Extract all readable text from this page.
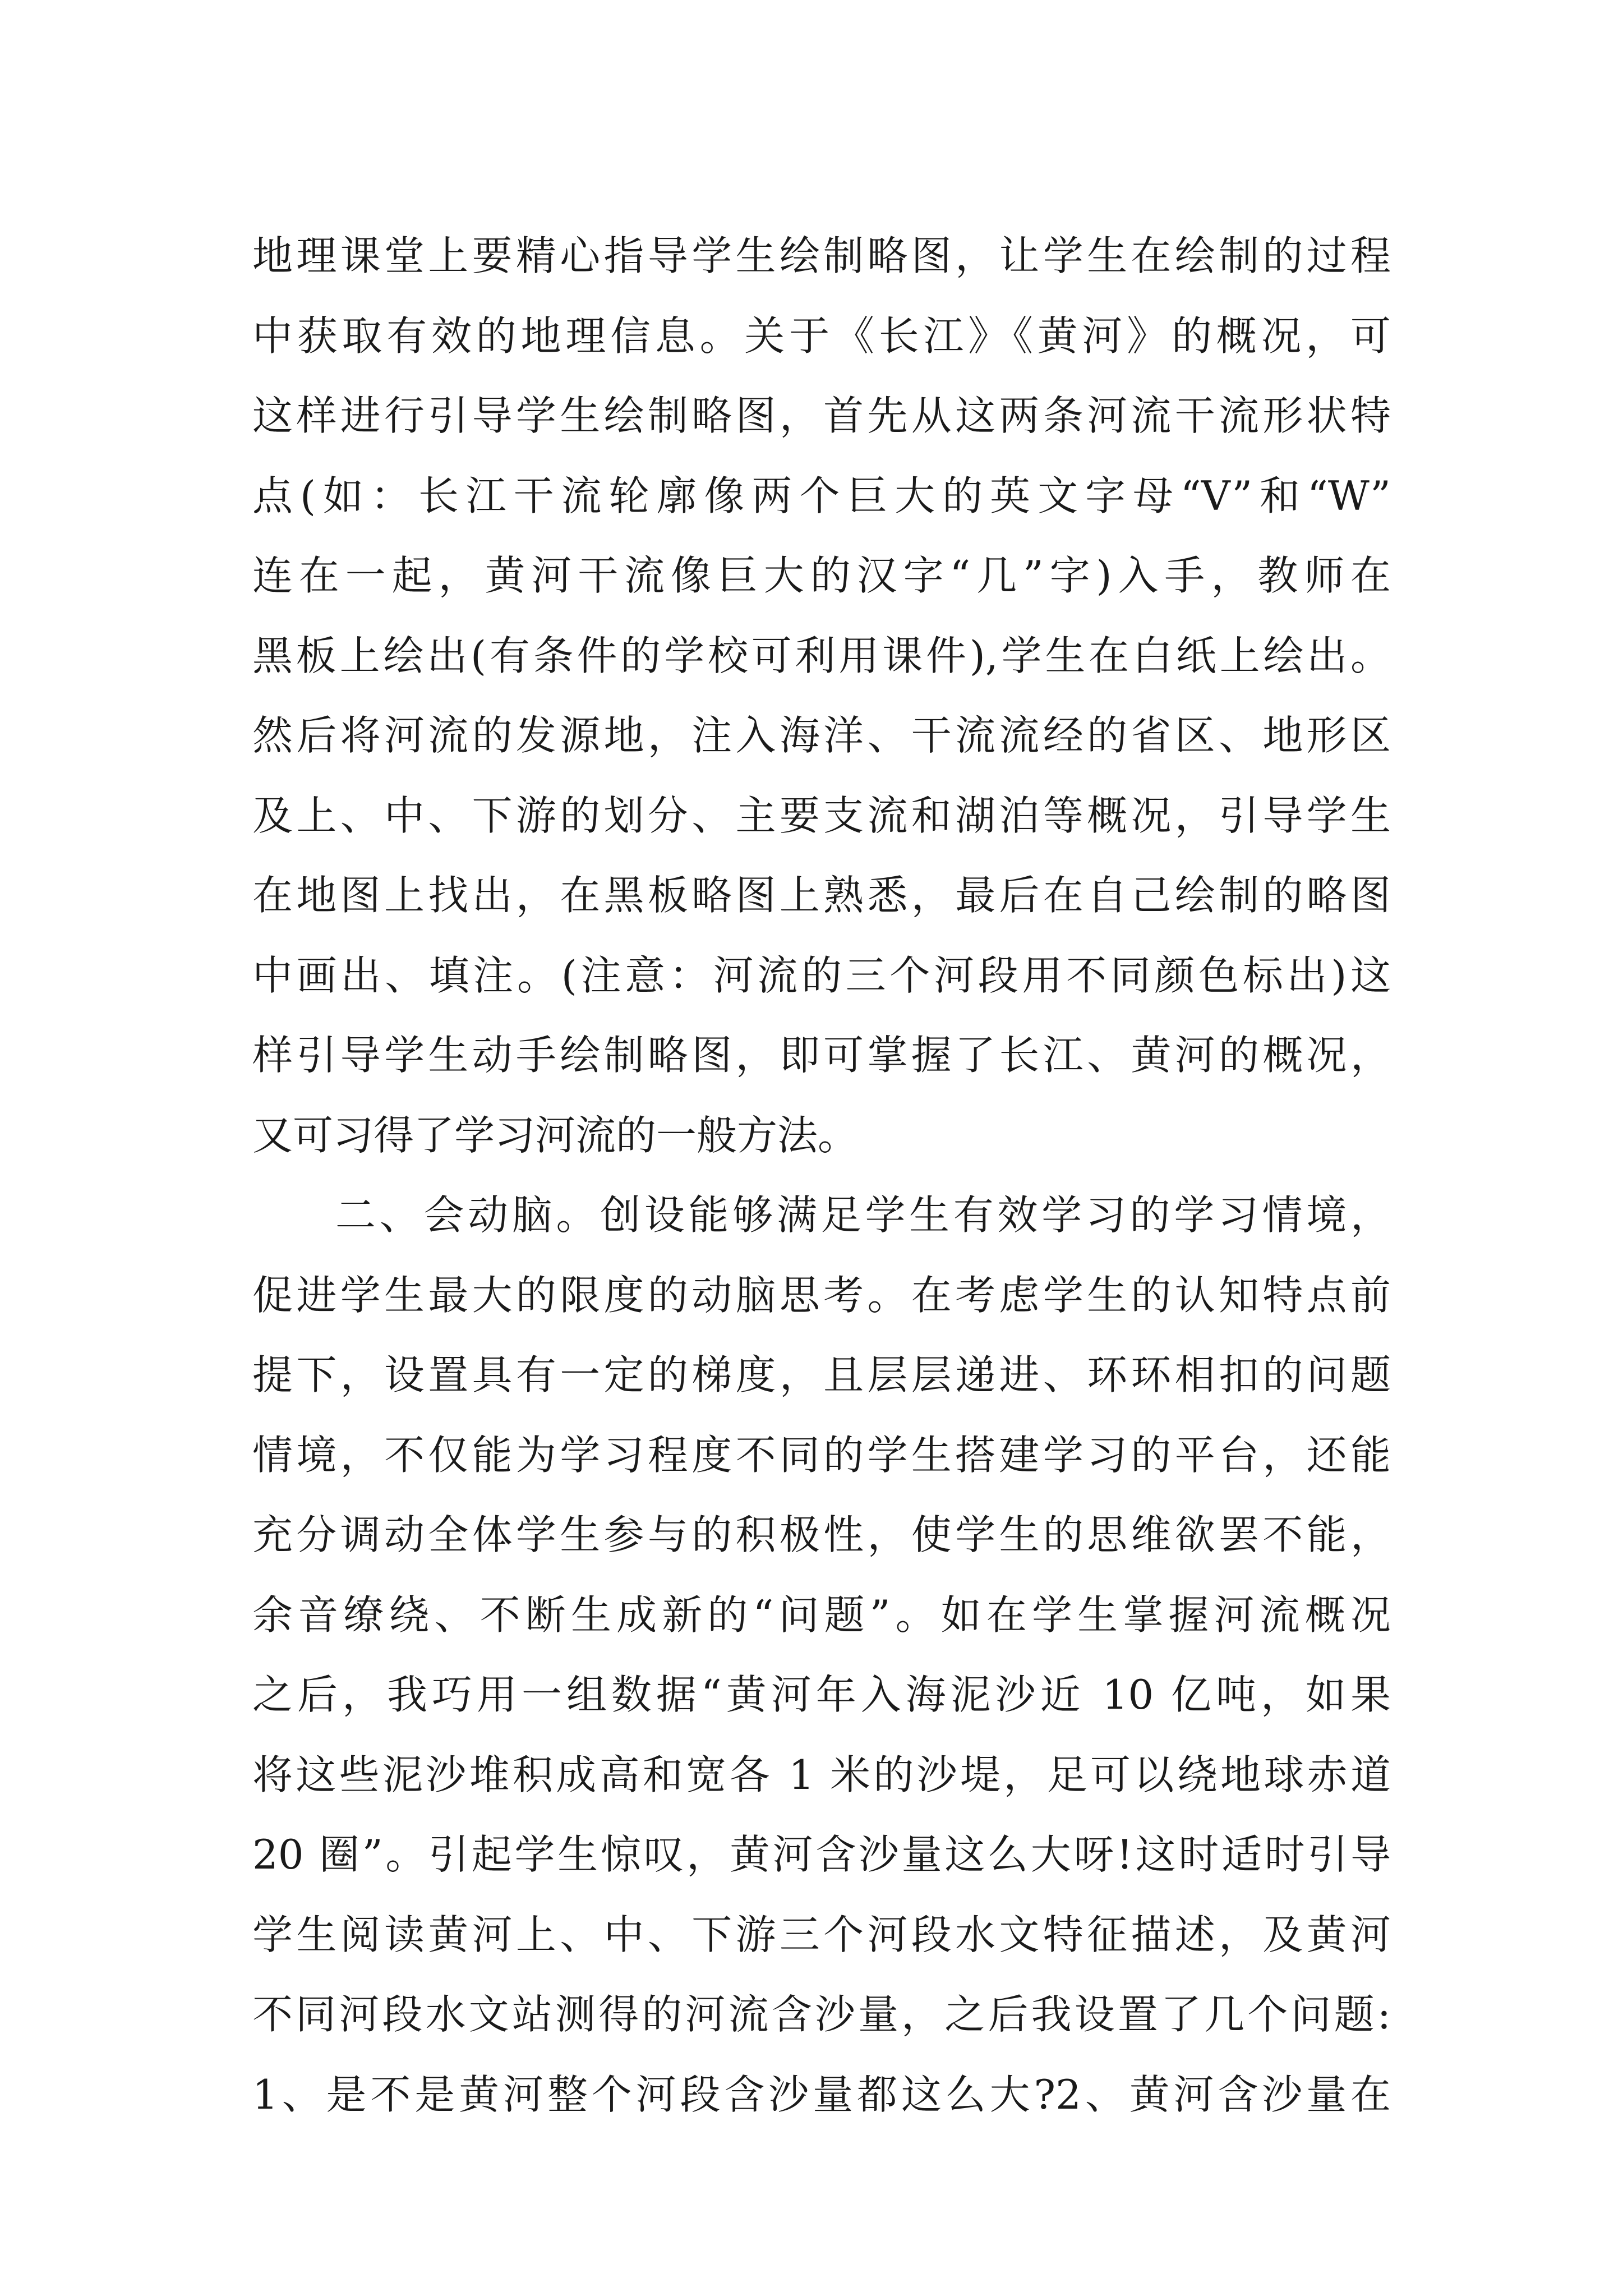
地理课堂上要精心指导学生绘制略图，让学生在绘制的过程
中获取有效的地理信息。关于《长江》《黄河》的概况，可
这样进行引导学生绘制略图，首先从这两条河流干流形状特
点(如：长江干流轮廓像两个巨大的英文字母“V”和“W”
连在一起，黄河干流像巨大的汉字“几”字)入手，教师在
黑板上绘出(有条件的学校可利用课件),学生在白纸上绘出。
然后将河流的发源地，注入海洋、干流流经的省区、地形区
及上、中、下游的划分、主要支流和湖泊等概况，引导学生
在地图上找出，在黑板略图上熟悉，最后在自己绘制的略图
中画出、填注。(注意：河流的三个河段用不同颜色标出)这
样引导学生动手绘制略图，即可掌握了长江、黄河的概况，
又可习得了学习河流的一般方法。
二、会动脑。创设能够满足学生有效学习的学习情境，
促进学生最大的限度的动脑思考。在考虑学生的认知特点前
提下，设置具有一定的梯度，且层层递进、环环相扣的问题
情境，不仅能为学习程度不同的学生搭建学习的平台，还能
充分调动全体学生参与的积极性，使学生的思维欲罢不能，
余音缭绕、不断生成新的“问题”。如在学生掌握河流概况
之后，我巧用一组数据“黄河年入海泥沙近 10 亿吨，如果
将这些泥沙堆积成高和宽各 1 米的沙堤，足可以绕地球赤道
20 圈”。引起学生惊叹，黄河含沙量这么大呀!这时适时引导
学生阅读黄河上、中、下游三个河段水文特征描述，及黄河
不同河段水文站测得的河流含沙量，之后我设置了几个问题:
1、是不是黄河整个河段含沙量都这么大?2、黄河含沙量在
